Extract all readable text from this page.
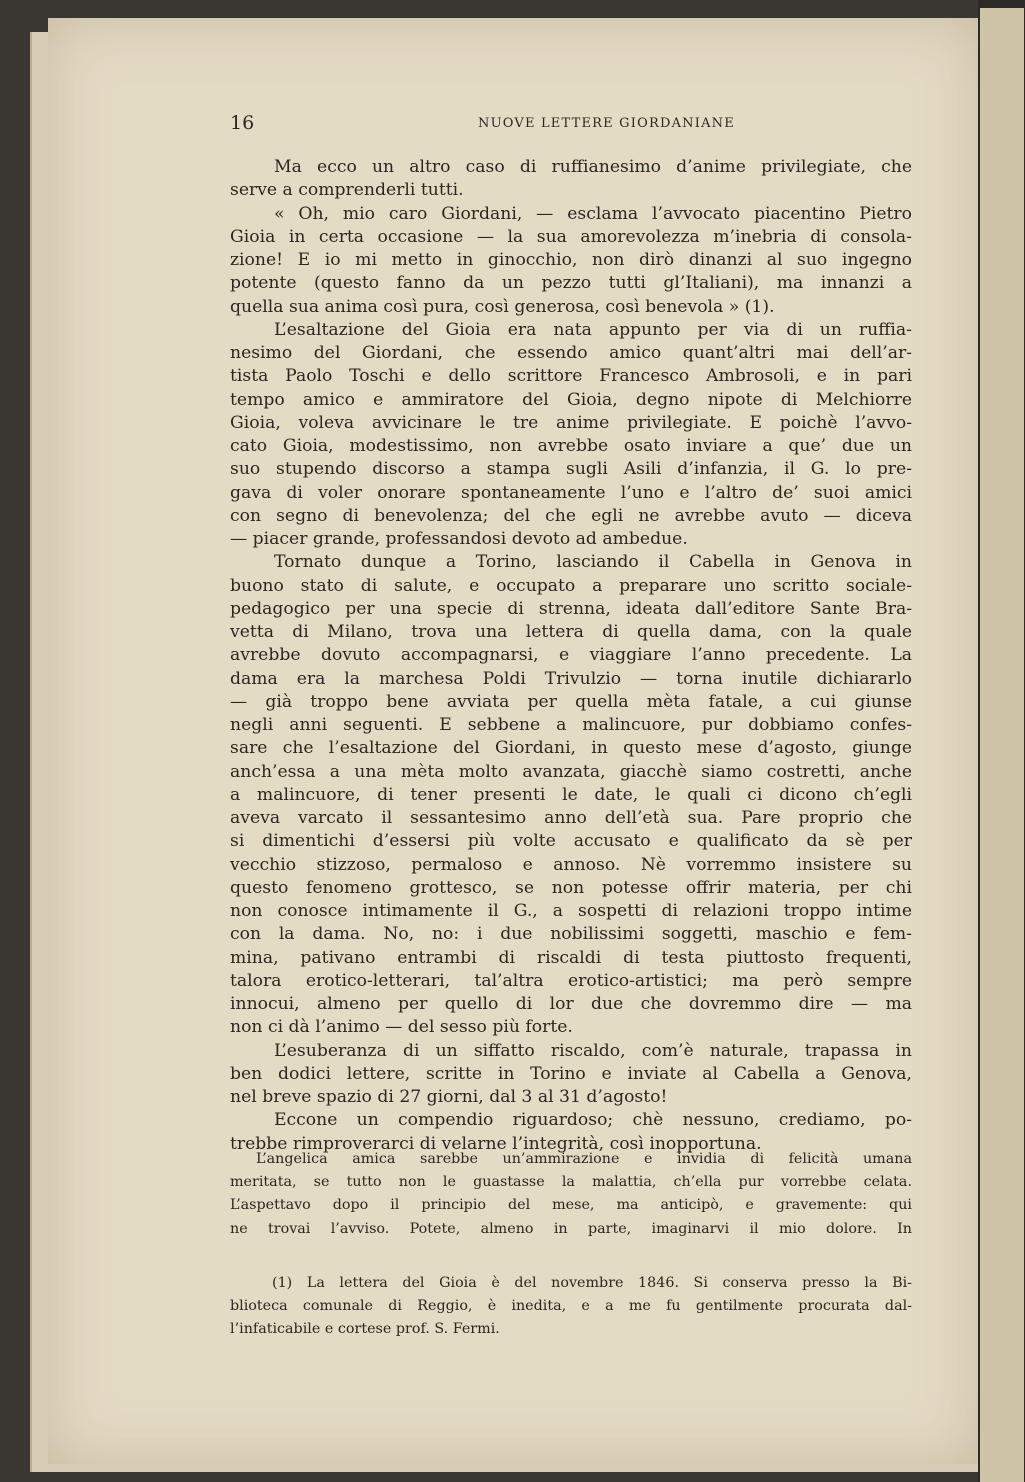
16	NUOVE LETTERE GIORDANIANE
Ma ecco un altro caso di ruffianesimo d’anime privilegiate, che
serve a comprenderli tutti.
« Oh, mio caro Giordani, — esclama l’avvocato piacentino Pietro
Gioia in certa occasione — la sua amorevolezza m’inebria di consola-
zione! E io mi metto in ginocchio, non dirò dinanzi al suo ingegno
potente (questo fanno da un pezzo tutti gl’Italiani), ma innanzi a
quella sua anima così pura, così generosa, così benevola » (1).
L’esaltazione del Gioia era nata appunto per via di un ruffia-
nesimo del Giordani, che essendo amico quant’altri mai dell’ar-
tista Paolo Toschi e dello scrittore Francesco Ambrosoli, e in pari
tempo amico e ammiratore del Gioia, degno nipote di Melchiorre
Gioia, voleva avvicinare le tre anime privilegiate. E poichè l’avvo-
cato Gioia, modestissimo, non avrebbe osato inviare a que’ due un
suo stupendo discorso a stampa sugli Asili d’infanzia, il G. lo pre-
gava di voler onorare spontaneamente l’uno e l’altro de’ suoi amici
con segno di benevolenza; del che egli ne avrebbe avuto — diceva
— piacer grande, professandosi devoto ad ambedue.
Tornato dunque a Torino, lasciando il Cabella in Genova in
buono stato di salute, e occupato a preparare uno scritto sociale-
pedagogico per una specie di strenna, ideata dall’editore Sante Bra-
vetta di Milano, trova una lettera di quella dama, con la quale
avrebbe dovuto accompagnarsi, e viaggiare l’anno precedente. La
dama era la marchesa Poldi Trivulzio — torna inutile dichiararlo
— già troppo bene avviata per quella mèta fatale, a cui giunse
negli anni seguenti. E sebbene a malincuore, pur dobbiamo confes-
sare che l’esaltazione del Giordani, in questo mese d’agosto, giunge
anch’essa a una mèta molto avanzata, giacchè siamo costretti, anche
a malincuore, di tener presenti le date, le quali ci dicono ch’egli
aveva varcato il sessantesimo anno dell’età sua. Pare proprio che
si dimentichi d’essersi più volte accusato e qualificato da sè per
vecchio stizzoso, permaloso e annoso. Nè vorremmo insistere su
questo fenomeno grottesco, se non potesse offrir materia, per chi
non conosce intimamente il G., a sospetti di relazioni troppo intime
con la dama. No, no: i due nobilissimi soggetti, maschio e fem-
mina, pativano entrambi di riscaldi di testa piuttosto frequenti,
talora erotico-letterari, tal’altra erotico-artistici; ma però sempre
innocui, almeno per quello di lor due che dovremmo dire — ma
non ci dà l’animo — del sesso più forte.
L’esuberanza di un siffatto riscaldo, com’è naturale, trapassa in
ben dodici lettere, scritte in Torino e inviate al Cabella a Genova,
nel breve spazio di 27 giorni, dal 3 al 31 d’agosto!
Eccone un compendio riguardoso; chè nessuno, crediamo, po-
trebbe rimproverarci di velarne l’integrità, così inopportuna.
L’angelica amica sarebbe un’ammirazione e invidia di felicità umana
meritata, se tutto non le guastasse la malattia, ch’ella pur vorrebbe celata.
L’aspettavo dopo il principio del mese, ma anticipò, e gravemente: qui
ne trovai l’avviso. Potete, almeno in parte, imaginarvi il mio dolore. In
(1) La lettera del Gioia è del novembre 1846. Si conserva presso la Bi-
blioteca comunale di Reggio, è inedita, e a me fu gentilmente procurata dal-
l’infaticabile e cortese prof. S. Fermi.
